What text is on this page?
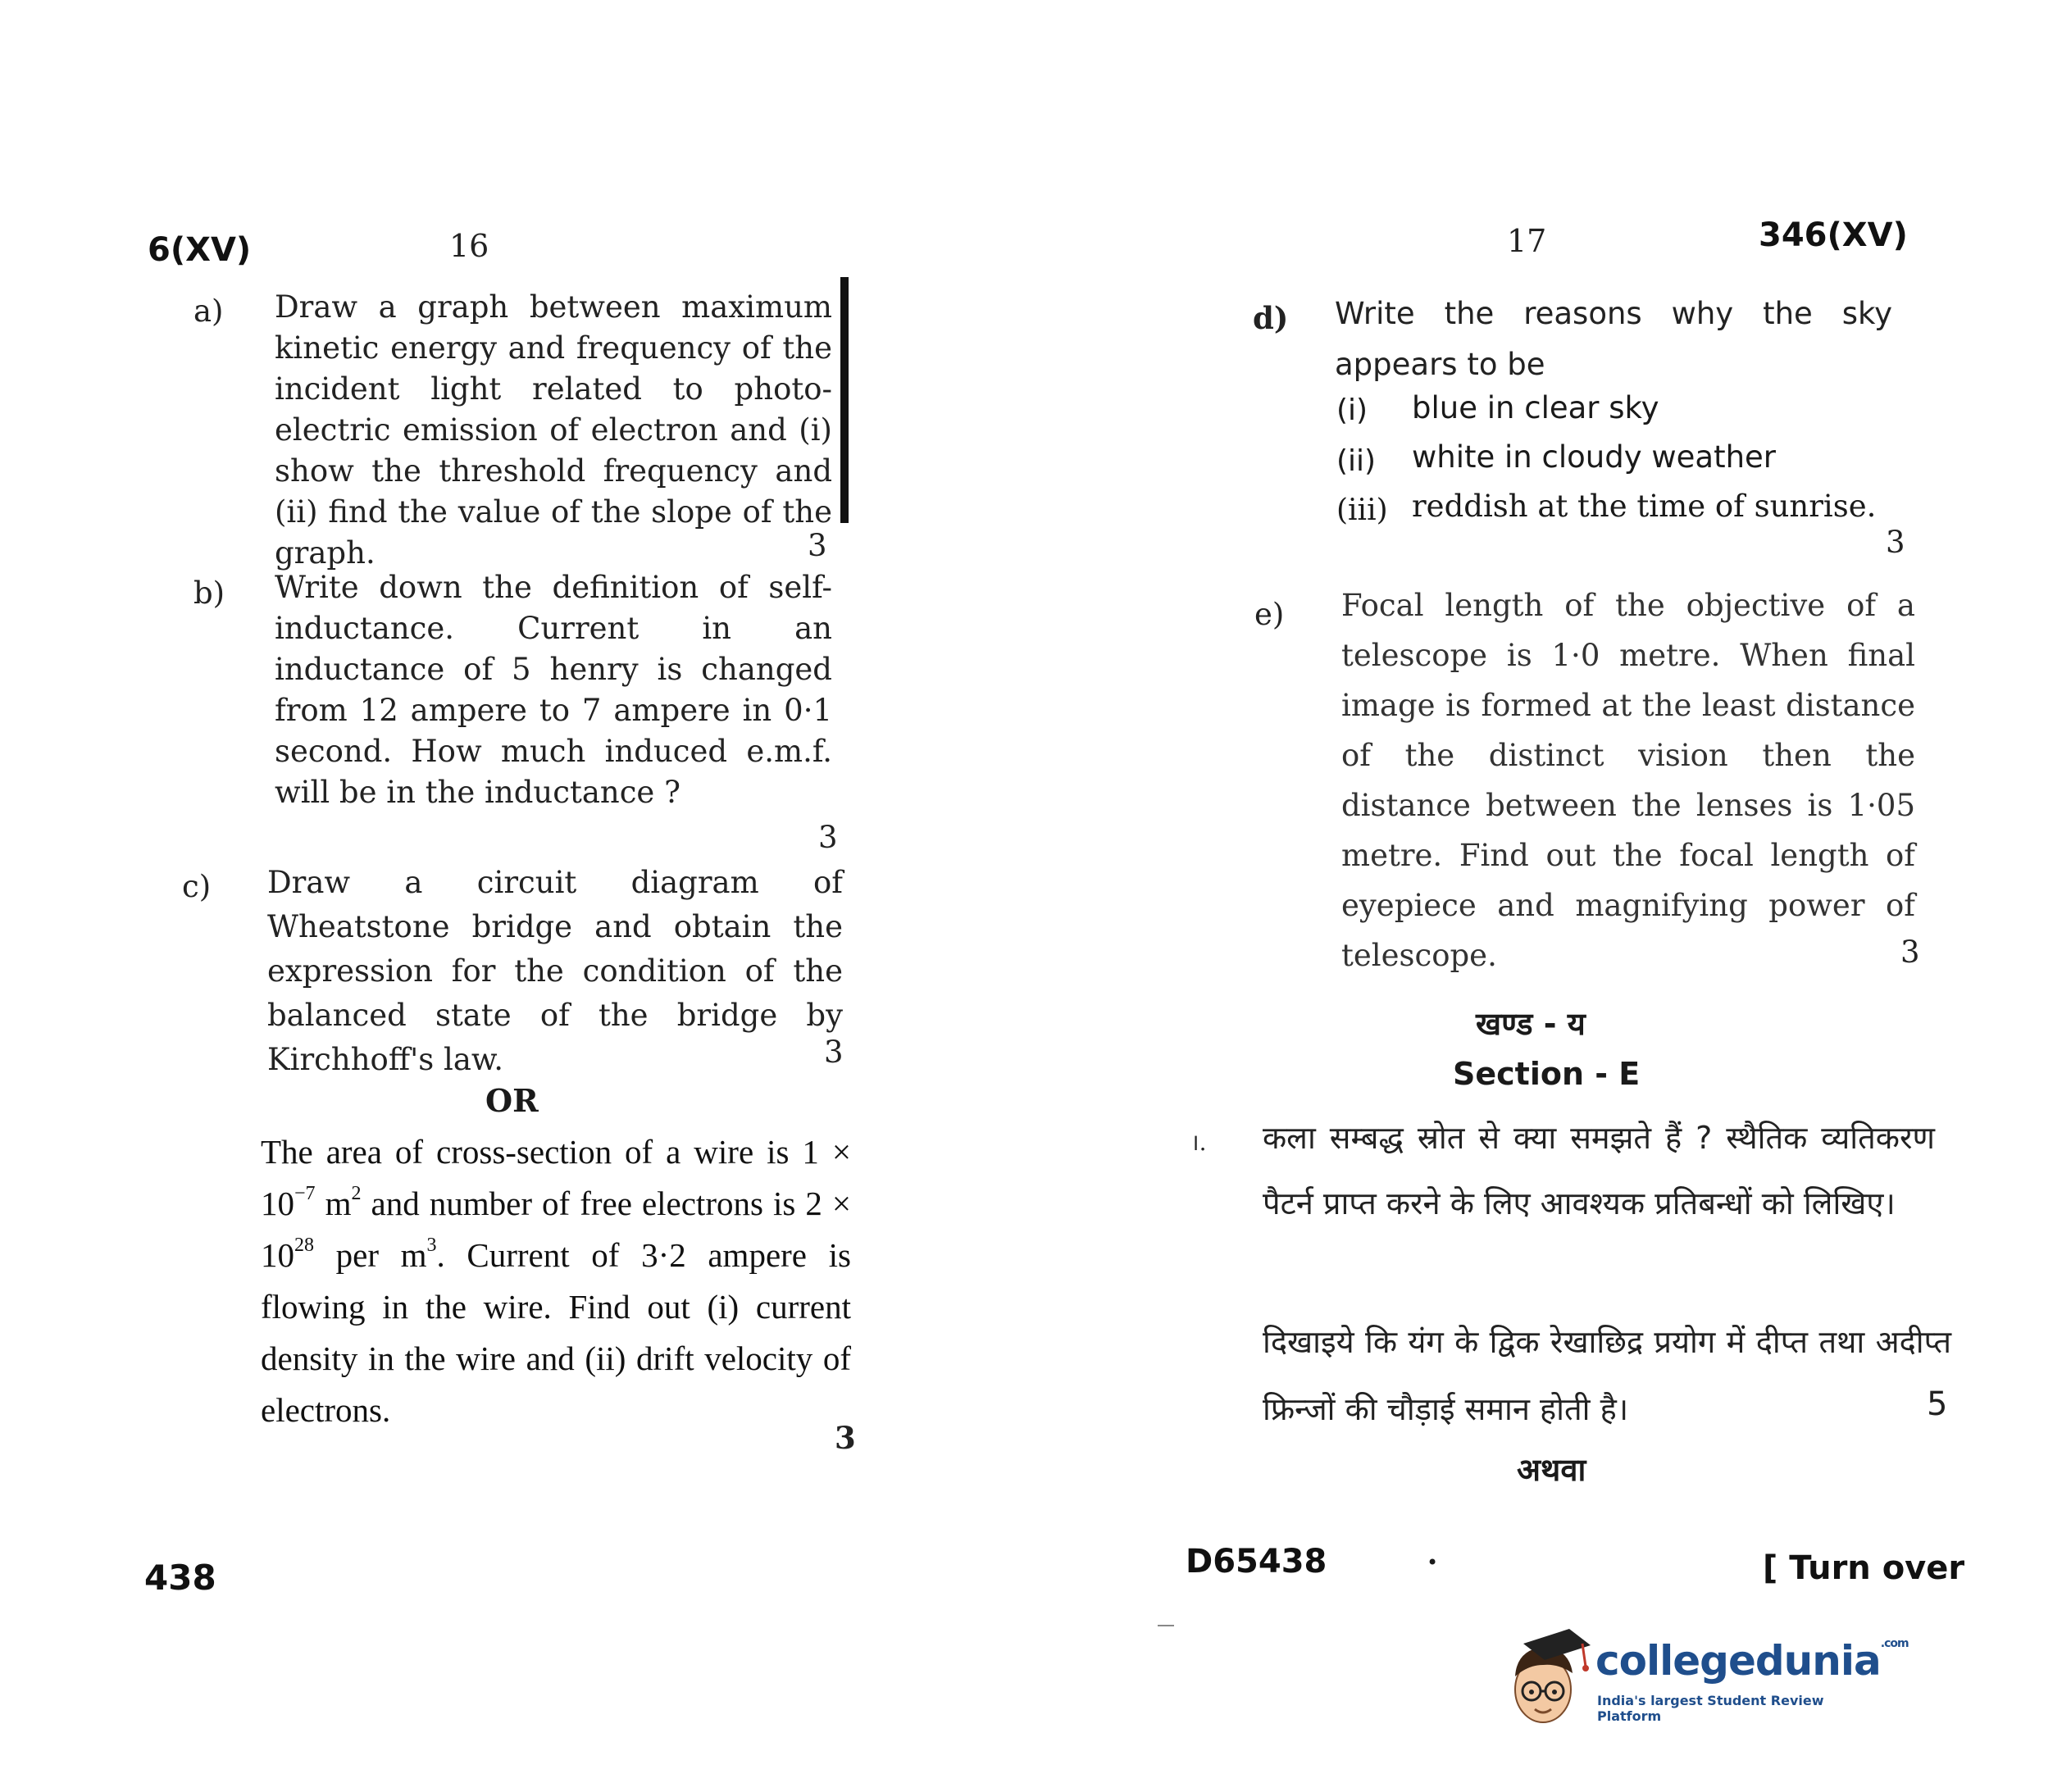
6(XV)	16
a) Draw a graph between maximum kinetic energy and frequency of the incident light related to photo-electric emission of electron and (i) show the threshold frequency and (ii) find the value of the slope of the graph.	3
b) Write down the definition of self-inductance. Current in an inductance of 5 henry is changed from 12 ampere to 7 ampere in 0·1 second. How much induced e.m.f. will be in the inductance ?
3
c) Draw a circuit diagram of Wheatstone bridge and obtain the expression for the condition of the balanced state of the bridge by Kirchhoff's law.	3
OR
The area of cross-section of a wire is $1 \times 10^{-7}$ $m^2$ and number of free electrons is $2 \times 10^{28}$ per $m^3$. Current of 3·2 ampere is flowing in the wire. Find out (i) current density in the wire and (ii) drift velocity of electrons.
3
438
17	346(XV)
d) Write the reasons why the sky appears to be
(i) blue in clear sky
(ii) white in cloudy weather
(iii) reddish at the time of sunrise.
3
e) Focal length of the objective of a telescope is 1·0 metre. When final image is formed at the least distance of the distinct vision then the distance between the lenses is 1·05 metre. Find out the focal length of eyepiece and magnifying power of telescope.	3
खण्ड - य
Section - E
।. कला सम्बद्ध स्रोत से क्या समझते हैं ? स्थैतिक व्यतिकरण पैटर्न प्राप्त करने के लिए आवश्यक प्रतिबन्धों को लिखिए।
दिखाइये कि यंग के द्विक रेखाछिद्र प्रयोग में दीप्त तथा अदीप्त फ्रिन्जों की चौड़ाई समान होती है।	5
अथवा
D65438	•	[ Turn over
collegedunia$^{.com}$
India's largest Student Review Platform
